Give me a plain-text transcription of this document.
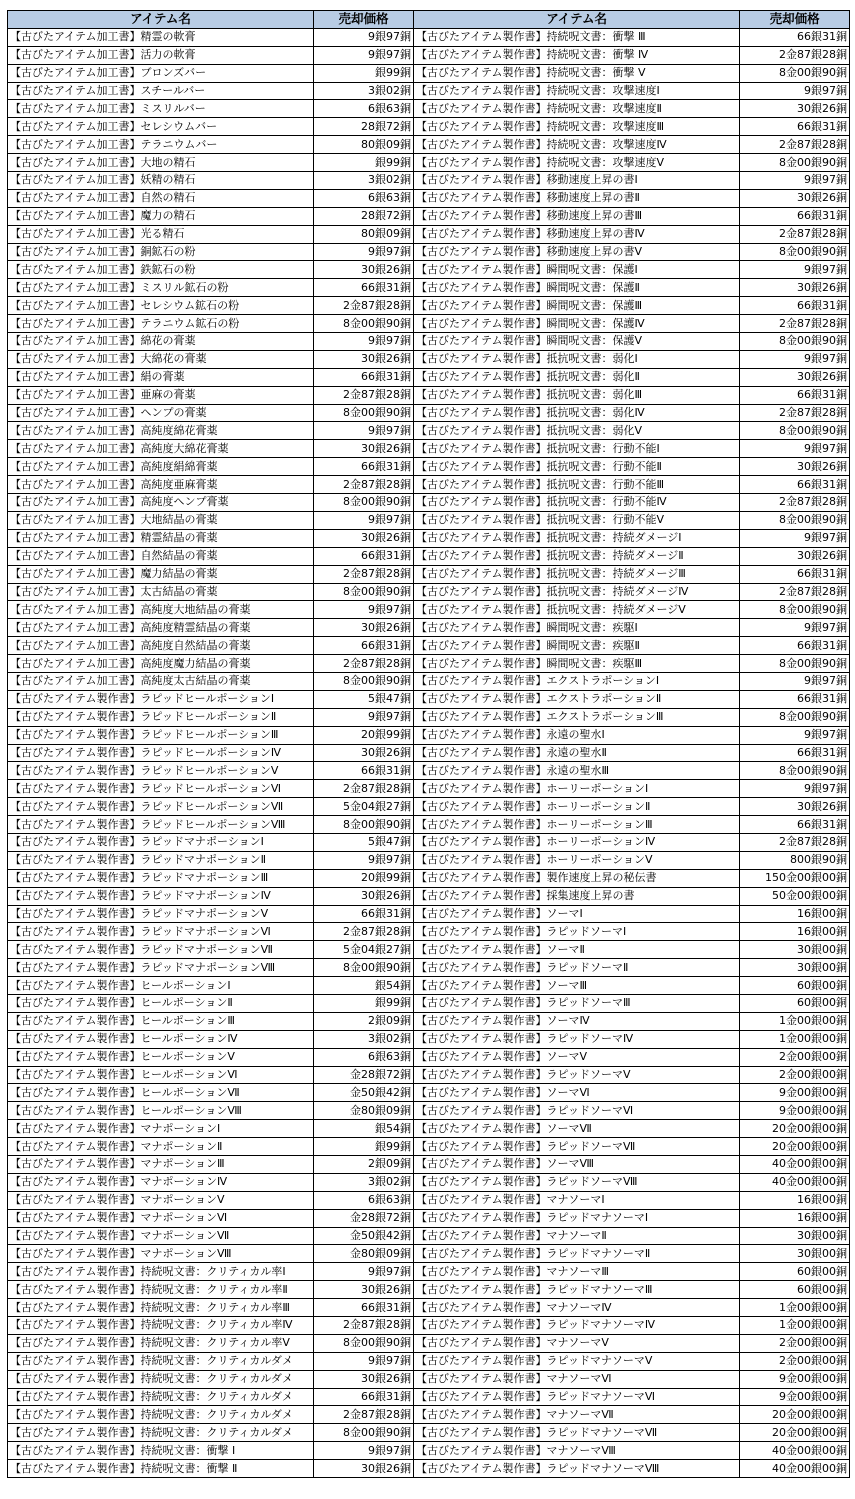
アイテム名	売却価格
【古びたアイテム加工書】精霊の軟膏	9銀97銅
【古びたアイテム加工書】活力の軟膏	9銀97銅
【古びたアイテム加工書】ブロンズバー	銀99銅
【古びたアイテム加工書】スチールバー	3銀02銅
【古びたアイテム加工書】ミスリルバー	6銀63銅
【古びたアイテム加工書】セレシウムバー	28銀72銅
【古びたアイテム加工書】テラニウムバー	80銀09銅
【古びたアイテム加工書】大地の精石	銀99銅
【古びたアイテム加工書】妖精の精石	3銀02銅
【古びたアイテム加工書】自然の精石	6銀63銅
【古びたアイテム加工書】魔力の精石	28銀72銅
【古びたアイテム加工書】光る精石	80銀09銅
【古びたアイテム加工書】銅鉱石の粉	9銀97銅
【古びたアイテム加工書】鉄鉱石の粉	30銀26銅
【古びたアイテム加工書】ミスリル鉱石の粉	66銀31銅
【古びたアイテム加工書】セレシウム鉱石の粉	2金87銀28銅
【古びたアイテム加工書】テラニウム鉱石の粉	8金00銀90銅
【古びたアイテム加工書】綿花の膏薬	9銀97銅
【古びたアイテム加工書】大綿花の膏薬	30銀26銅
【古びたアイテム加工書】絹の膏薬	66銀31銅
【古びたアイテム加工書】亜麻の膏薬	2金87銀28銅
【古びたアイテム加工書】ヘンプの膏薬	8金00銀90銅
【古びたアイテム加工書】高純度綿花膏薬	9銀97銅
【古びたアイテム加工書】高純度大綿花膏薬	30銀26銅
【古びたアイテム加工書】高純度絹綿膏薬	66銀31銅
【古びたアイテム加工書】高純度亜麻膏薬	2金87銀28銅
【古びたアイテム加工書】高純度ヘンプ膏薬	8金00銀90銅
【古びたアイテム加工書】大地結晶の膏薬	9銀97銅
【古びたアイテム加工書】精霊結晶の膏薬	30銀26銅
【古びたアイテム加工書】自然結晶の膏薬	66銀31銅
【古びたアイテム加工書】魔力結晶の膏薬	2金87銀28銅
【古びたアイテム加工書】太古結晶の膏薬	8金00銀90銅
【古びたアイテム加工書】高純度大地結晶の膏薬	9銀97銅
【古びたアイテム加工書】高純度精霊結晶の膏薬	30銀26銅
【古びたアイテム加工書】高純度自然結晶の膏薬	66銀31銅
【古びたアイテム加工書】高純度魔力結晶の膏薬	2金87銀28銅
【古びたアイテム加工書】高純度太古結晶の膏薬	8金00銀90銅
【古びたアイテム製作書】ラピッドヒールポーションⅠ	5銀47銅
【古びたアイテム製作書】ラピッドヒールポーションⅡ	9銀97銅
【古びたアイテム製作書】ラピッドヒールポーションⅢ	20銀99銅
【古びたアイテム製作書】ラピッドヒールポーションⅣ	30銀26銅
【古びたアイテム製作書】ラピッドヒールポーションⅤ	66銀31銅
【古びたアイテム製作書】ラピッドヒールポーションⅥ	2金87銀28銅
【古びたアイテム製作書】ラピッドヒールポーションⅦ	5金04銀27銅
【古びたアイテム製作書】ラピッドヒールポーションⅧ	8金00銀90銅
【古びたアイテム製作書】ラピッドマナポーションⅠ	5銀47銅
【古びたアイテム製作書】ラピッドマナポーションⅡ	9銀97銅
【古びたアイテム製作書】ラピッドマナポーションⅢ	20銀99銅
【古びたアイテム製作書】ラピッドマナポーションⅣ	30銀26銅
【古びたアイテム製作書】ラピッドマナポーションⅤ	66銀31銅
【古びたアイテム製作書】ラピッドマナポーションⅥ	2金87銀28銅
【古びたアイテム製作書】ラピッドマナポーションⅦ	5金04銀27銅
【古びたアイテム製作書】ラピッドマナポーションⅧ	8金00銀90銅
【古びたアイテム製作書】ヒールポーションⅠ	銀54銅
【古びたアイテム製作書】ヒールポーションⅡ	銀99銅
【古びたアイテム製作書】ヒールポーションⅢ	2銀09銅
【古びたアイテム製作書】ヒールポーションⅣ	3銀02銅
【古びたアイテム製作書】ヒールポーションⅤ	6銀63銅
【古びたアイテム製作書】ヒールポーションⅥ	金28銀72銅
【古びたアイテム製作書】ヒールポーションⅦ	金50銀42銅
【古びたアイテム製作書】ヒールポーションⅧ	金80銀09銅
【古びたアイテム製作書】マナポーションⅠ	銀54銅
【古びたアイテム製作書】マナポーションⅡ	銀99銅
【古びたアイテム製作書】マナポーションⅢ	2銀09銅
【古びたアイテム製作書】マナポーションⅣ	3銀02銅
【古びたアイテム製作書】マナポーションⅤ	6銀63銅
【古びたアイテム製作書】マナポーションⅥ	金28銀72銅
【古びたアイテム製作書】マナポーションⅦ	金50銀42銅
【古びたアイテム製作書】マナポーションⅧ	金80銀09銅
【古びたアイテム製作書】持続呪文書：クリティカル率Ⅰ	9銀97銅
【古びたアイテム製作書】持続呪文書：クリティカル率Ⅱ	30銀26銅
【古びたアイテム製作書】持続呪文書：クリティカル率Ⅲ	66銀31銅
【古びたアイテム製作書】持続呪文書：クリティカル率Ⅳ	2金87銀28銅
【古びたアイテム製作書】持続呪文書：クリティカル率Ⅴ	8金00銀90銅
【古びたアイテム製作書】持続呪文書：クリティカルダメ	9銀97銅
【古びたアイテム製作書】持続呪文書：クリティカルダメ	30銀26銅
【古びたアイテム製作書】持続呪文書：クリティカルダメ	66銀31銅
【古びたアイテム製作書】持続呪文書：クリティカルダメ	2金87銀28銅
【古びたアイテム製作書】持続呪文書：クリティカルダメ	8金00銀90銅
【古びたアイテム製作書】持続呪文書：衝撃 Ⅰ	9銀97銅
【古びたアイテム製作書】持続呪文書：衝撃 Ⅱ	30銀26銅
アイテム名	売却価格
【古びたアイテム製作書】持続呪文書：衝撃 Ⅲ	66銀31銅
【古びたアイテム製作書】持続呪文書：衝撃 Ⅳ	2金87銀28銅
【古びたアイテム製作書】持続呪文書：衝撃 Ⅴ	8金00銀90銅
【古びたアイテム製作書】持続呪文書：攻撃速度Ⅰ	9銀97銅
【古びたアイテム製作書】持続呪文書：攻撃速度Ⅱ	30銀26銅
【古びたアイテム製作書】持続呪文書：攻撃速度Ⅲ	66銀31銅
【古びたアイテム製作書】持続呪文書：攻撃速度Ⅳ	2金87銀28銅
【古びたアイテム製作書】持続呪文書：攻撃速度Ⅴ	8金00銀90銅
【古びたアイテム製作書】移動速度上昇の書Ⅰ	9銀97銅
【古びたアイテム製作書】移動速度上昇の書Ⅱ	30銀26銅
【古びたアイテム製作書】移動速度上昇の書Ⅲ	66銀31銅
【古びたアイテム製作書】移動速度上昇の書Ⅳ	2金87銀28銅
【古びたアイテム製作書】移動速度上昇の書Ⅴ	8金00銀90銅
【古びたアイテム製作書】瞬間呪文書：保護Ⅰ	9銀97銅
【古びたアイテム製作書】瞬間呪文書：保護Ⅱ	30銀26銅
【古びたアイテム製作書】瞬間呪文書：保護Ⅲ	66銀31銅
【古びたアイテム製作書】瞬間呪文書：保護Ⅳ	2金87銀28銅
【古びたアイテム製作書】瞬間呪文書：保護Ⅴ	8金00銀90銅
【古びたアイテム製作書】抵抗呪文書：弱化Ⅰ	9銀97銅
【古びたアイテム製作書】抵抗呪文書：弱化Ⅱ	30銀26銅
【古びたアイテム製作書】抵抗呪文書：弱化Ⅲ	66銀31銅
【古びたアイテム製作書】抵抗呪文書：弱化Ⅳ	2金87銀28銅
【古びたアイテム製作書】抵抗呪文書：弱化Ⅴ	8金00銀90銅
【古びたアイテム製作書】抵抗呪文書：行動不能Ⅰ	9銀97銅
【古びたアイテム製作書】抵抗呪文書：行動不能Ⅱ	30銀26銅
【古びたアイテム製作書】抵抗呪文書：行動不能Ⅲ	66銀31銅
【古びたアイテム製作書】抵抗呪文書：行動不能Ⅳ	2金87銀28銅
【古びたアイテム製作書】抵抗呪文書：行動不能Ⅴ	8金00銀90銅
【古びたアイテム製作書】抵抗呪文書：持続ダメージⅠ	9銀97銅
【古びたアイテム製作書】抵抗呪文書：持続ダメージⅡ	30銀26銅
【古びたアイテム製作書】抵抗呪文書：持続ダメージⅢ	66銀31銅
【古びたアイテム製作書】抵抗呪文書：持続ダメージⅣ	2金87銀28銅
【古びたアイテム製作書】抵抗呪文書：持続ダメージⅤ	8金00銀90銅
【古びたアイテム製作書】瞬間呪文書：疾駆Ⅰ	9銀97銅
【古びたアイテム製作書】瞬間呪文書：疾駆Ⅱ	66銀31銅
【古びたアイテム製作書】瞬間呪文書：疾駆Ⅲ	8金00銀90銅
【古びたアイテム製作書】エクストラポーションⅠ	9銀97銅
【古びたアイテム製作書】エクストラポーションⅡ	66銀31銅
【古びたアイテム製作書】エクストラポーションⅢ	8金00銀90銅
【古びたアイテム製作書】永遠の聖水Ⅰ	9銀97銅
【古びたアイテム製作書】永遠の聖水Ⅱ	66銀31銅
【古びたアイテム製作書】永遠の聖水Ⅲ	8金00銀90銅
【古びたアイテム製作書】ホーリーポーションⅠ	9銀97銅
【古びたアイテム製作書】ホーリーポーションⅡ	30銀26銅
【古びたアイテム製作書】ホーリーポーションⅢ	66銀31銅
【古びたアイテム製作書】ホーリーポーションⅣ	2金87銀28銅
【古びたアイテム製作書】ホーリーポーションⅤ	800銀90銅
【古びたアイテム製作書】製作速度上昇の秘伝書	150金00銀00銅
【古びたアイテム製作書】採集速度上昇の書	50金00銀00銅
【古びたアイテム製作書】ソーマⅠ	16銀00銅
【古びたアイテム製作書】ラピッドソーマⅠ	16銀00銅
【古びたアイテム製作書】ソーマⅡ	30銀00銅
【古びたアイテム製作書】ラピッドソーマⅡ	30銀00銅
【古びたアイテム製作書】ソーマⅢ	60銀00銅
【古びたアイテム製作書】ラピッドソーマⅢ	60銀00銅
【古びたアイテム製作書】ソーマⅣ	1金00銀00銅
【古びたアイテム製作書】ラピッドソーマⅣ	1金00銀00銅
【古びたアイテム製作書】ソーマⅤ	2金00銀00銅
【古びたアイテム製作書】ラピッドソーマⅤ	2金00銀00銅
【古びたアイテム製作書】ソーマⅥ	9金00銀00銅
【古びたアイテム製作書】ラピッドソーマⅥ	9金00銀00銅
【古びたアイテム製作書】ソーマⅦ	20金00銀00銅
【古びたアイテム製作書】ラピッドソーマⅦ	20金00銀00銅
【古びたアイテム製作書】ソーマⅧ	40金00銀00銅
【古びたアイテム製作書】ラピッドソーマⅧ	40金00銀00銅
【古びたアイテム製作書】マナソーマⅠ	16銀00銅
【古びたアイテム製作書】ラピッドマナソーマⅠ	16銀00銅
【古びたアイテム製作書】マナソーマⅡ	30銀00銅
【古びたアイテム製作書】ラピッドマナソーマⅡ	30銀00銅
【古びたアイテム製作書】マナソーマⅢ	60銀00銅
【古びたアイテム製作書】ラピッドマナソーマⅢ	60銀00銅
【古びたアイテム製作書】マナソーマⅣ	1金00銀00銅
【古びたアイテム製作書】ラピッドマナソーマⅣ	1金00銀00銅
【古びたアイテム製作書】マナソーマⅤ	2金00銀00銅
【古びたアイテム製作書】ラピッドマナソーマⅤ	2金00銀00銅
【古びたアイテム製作書】マナソーマⅥ	9金00銀00銅
【古びたアイテム製作書】ラピッドマナソーマⅥ	9金00銀00銅
【古びたアイテム製作書】マナソーマⅦ	20金00銀00銅
【古びたアイテム製作書】ラピッドマナソーマⅦ	20金00銀00銅
【古びたアイテム製作書】マナソーマⅧ	40金00銀00銅
【古びたアイテム製作書】ラピッドマナソーマⅧ	40金00銀00銅
